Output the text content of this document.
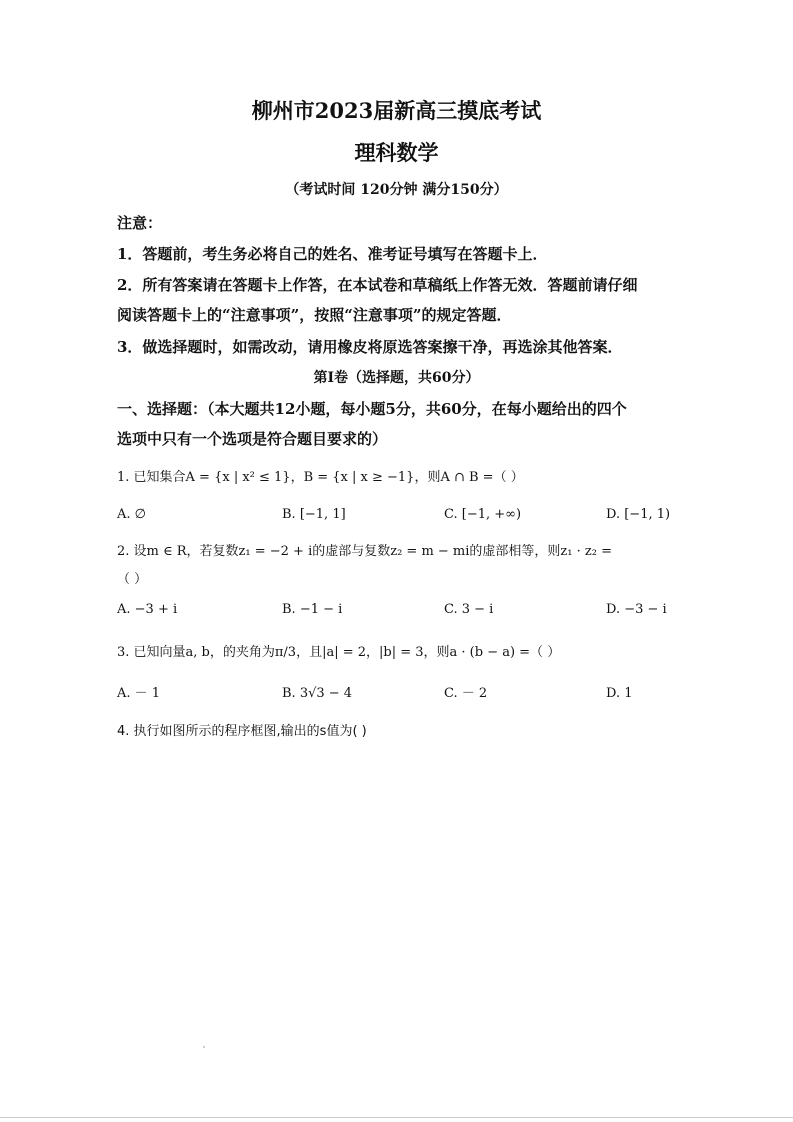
柳州市2023届新高三摸底考试
理科数学
（考试时间 120分钟 满分150分）
注意：
1．答题前，考生务必将自己的姓名、准考证号填写在答题卡上．
2．所有答案请在答题卡上作答，在本试卷和草稿纸上作答无效．答题前请仔细
阅读答题卡上的“注意事项”，按照“注意事项”的规定答题．
3．做选择题时，如需改动，请用橡皮将原选答案擦干净，再选涂其他答案．
第I卷（选择题，共60分）
一、选择题：（本大题共12小题，每小题5分，共60分，在每小题给出的四个
选项中只有一个选项是符合题目要求的）
1. 已知集合A = {x | x² ≤ 1}，B = {x | x ≥ −1}，则A ∩ B =（ ）
A. ∅	B. [−1, 1]	C. [−1, +∞)	D. [−1, 1)
2. 设m ∈ R，若复数z₁ = −2 + i的虚部与复数z₂ = m − mi的虚部相等，则z₁ · z₂ =
（ ）
A. −3 + i	B. −1 − i	C. 3 − i	D. −3 − i
3. 已知向量a, b，的夹角为π/3，且|a| = 2，|b| = 3，则a · (b − a) =（ ）
A. － 1	B. 3√3 − 4	C. － 2	D. 1
4. 执行如图所示的程序框图,输出的s值为( )
